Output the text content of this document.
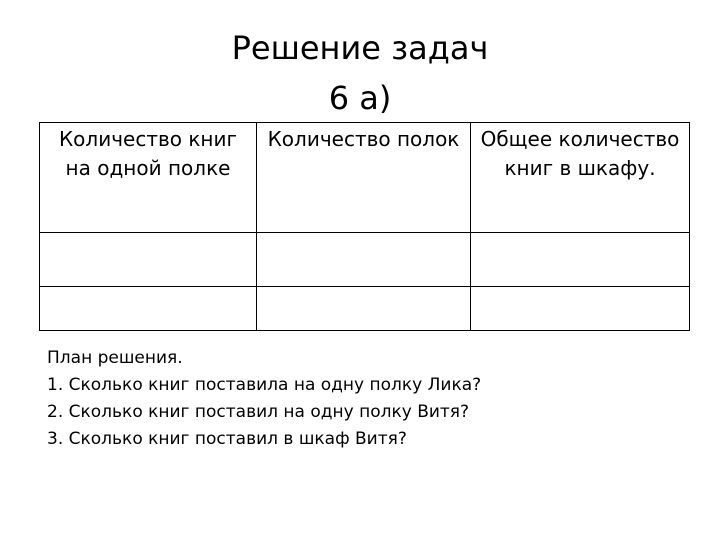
Решение задач
6 а)
Количество книг на одной полке	Количество полок	Общее количество книг в шкафу.

План решения.
1. Сколько книг поставила на одну полку Лика?
2. Сколько книг поставил на одну полку Витя?
3. Сколько книг поставил в шкаф Витя?
